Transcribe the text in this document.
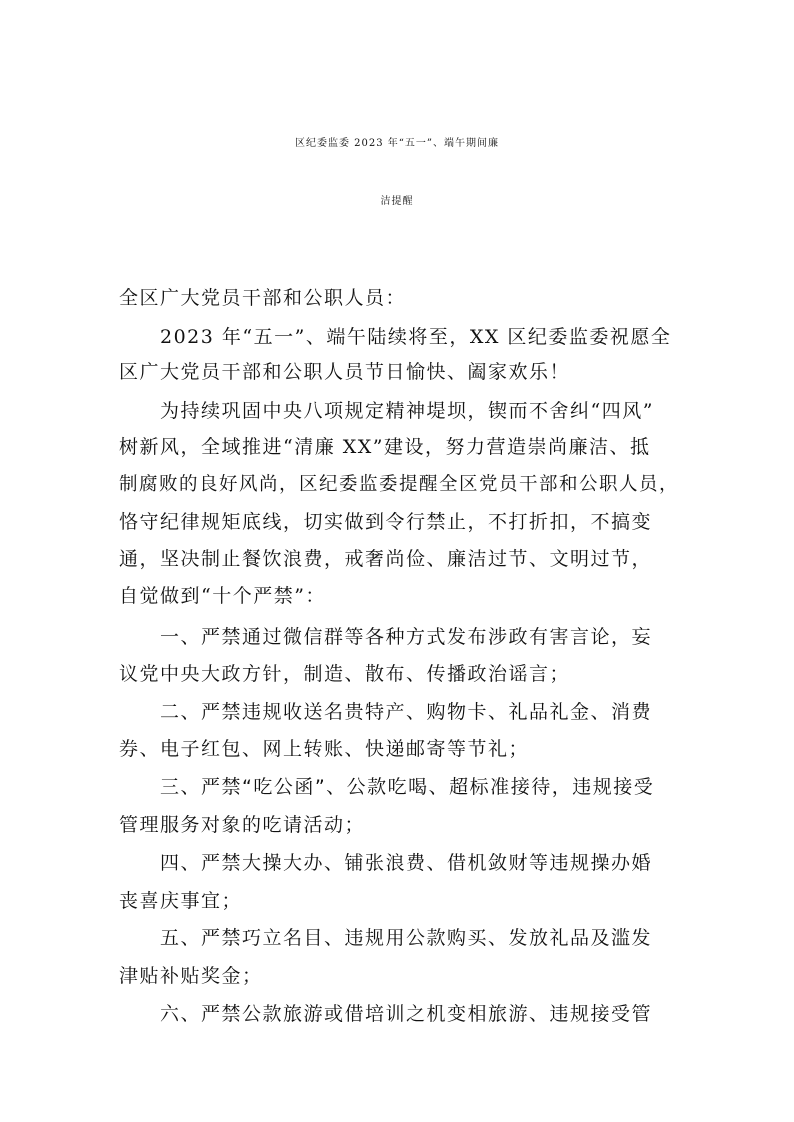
区纪委监委 2023 年“五一”、端午期间廉
洁提醒
全区广大党员干部和公职人员：
2023 年“五一”、端午陆续将至，XX 区纪委监委祝愿全
区广大党员干部和公职人员节日愉快、阖家欢乐！
为持续巩固中央八项规定精神堤坝，锲而不舍纠“四风”
树新风，全域推进“清廉 XX”建设，努力营造崇尚廉洁、抵
制腐败的良好风尚，区纪委监委提醒全区党员干部和公职人员，
恪守纪律规矩底线，切实做到令行禁止，不打折扣，不搞变
通，坚决制止餐饮浪费，戒奢尚俭、廉洁过节、文明过节，
自觉做到“十个严禁”：
一、严禁通过微信群等各种方式发布涉政有害言论，妄
议党中央大政方针，制造、散布、传播政治谣言；
二、严禁违规收送名贵特产、购物卡、礼品礼金、消费
券、电子红包、网上转账、快递邮寄等节礼；
三、严禁“吃公函”、公款吃喝、超标准接待，违规接受
管理服务对象的吃请活动；
四、严禁大操大办、铺张浪费、借机敛财等违规操办婚
丧喜庆事宜；
五、严禁巧立名目、违规用公款购买、发放礼品及滥发
津贴补贴奖金；
六、严禁公款旅游或借培训之机变相旅游、违规接受管
